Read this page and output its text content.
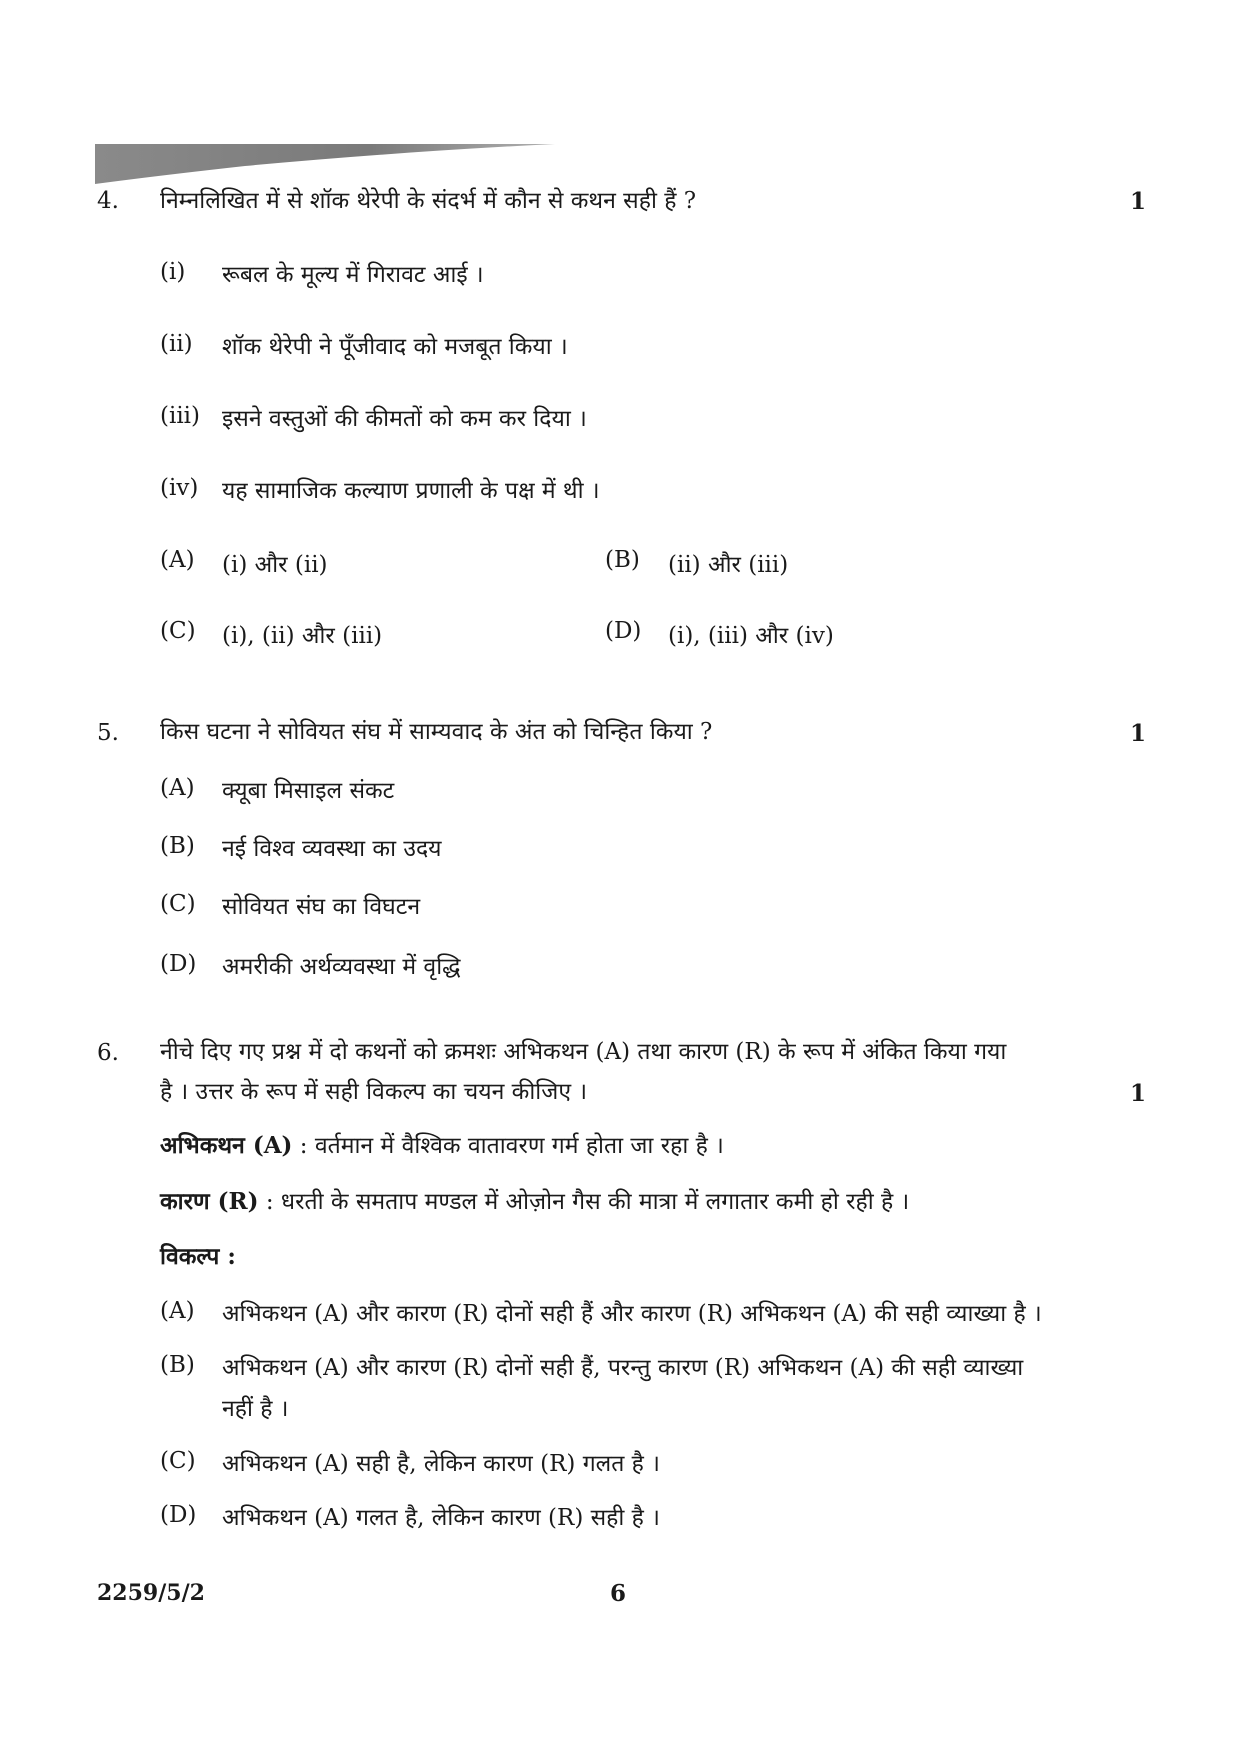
4. निम्नलिखित में से शॉक थेरेपी के संदर्भ में कौन से कथन सही हैं ?	1
(i) रूबल के मूल्य में गिरावट आई ।
(ii) शॉक थेरेपी ने पूँजीवाद को मजबूत किया ।
(iii) इसने वस्तुओं की कीमतों को कम कर दिया ।
(iv) यह सामाजिक कल्याण प्रणाली के पक्ष में थी ।
(A) (i) और (ii)	(B) (ii) और (iii)
(C) (i), (ii) और (iii)	(D) (i), (iii) और (iv)
5. किस घटना ने सोवियत संघ में साम्यवाद के अंत को चिन्हित किया ?	1
(A) क्यूबा मिसाइल संकट
(B) नई विश्व व्यवस्था का उदय
(C) सोवियत संघ का विघटन
(D) अमरीकी अर्थव्यवस्था में वृद्धि
6. नीचे दिए गए प्रश्न में दो कथनों को क्रमशः अभिकथन (A) तथा कारण (R) के रूप में अंकित किया गया
है । उत्तर के रूप में सही विकल्प का चयन कीजिए ।	1
अभिकथन (A) : वर्तमान में वैश्विक वातावरण गर्म होता जा रहा है ।
कारण (R) : धरती के समताप मण्डल में ओज़ोन गैस की मात्रा में लगातार कमी हो रही है ।
विकल्प :
(A) अभिकथन (A) और कारण (R) दोनों सही हैं और कारण (R) अभिकथन (A) की सही व्याख्या है ।
(B) अभिकथन (A) और कारण (R) दोनों सही हैं, परन्तु कारण (R) अभिकथन (A) की सही व्याख्या
नहीं है ।
(C) अभिकथन (A) सही है, लेकिन कारण (R) गलत है ।
(D) अभिकथन (A) गलत है, लेकिन कारण (R) सही है ।
2259/5/2	6
